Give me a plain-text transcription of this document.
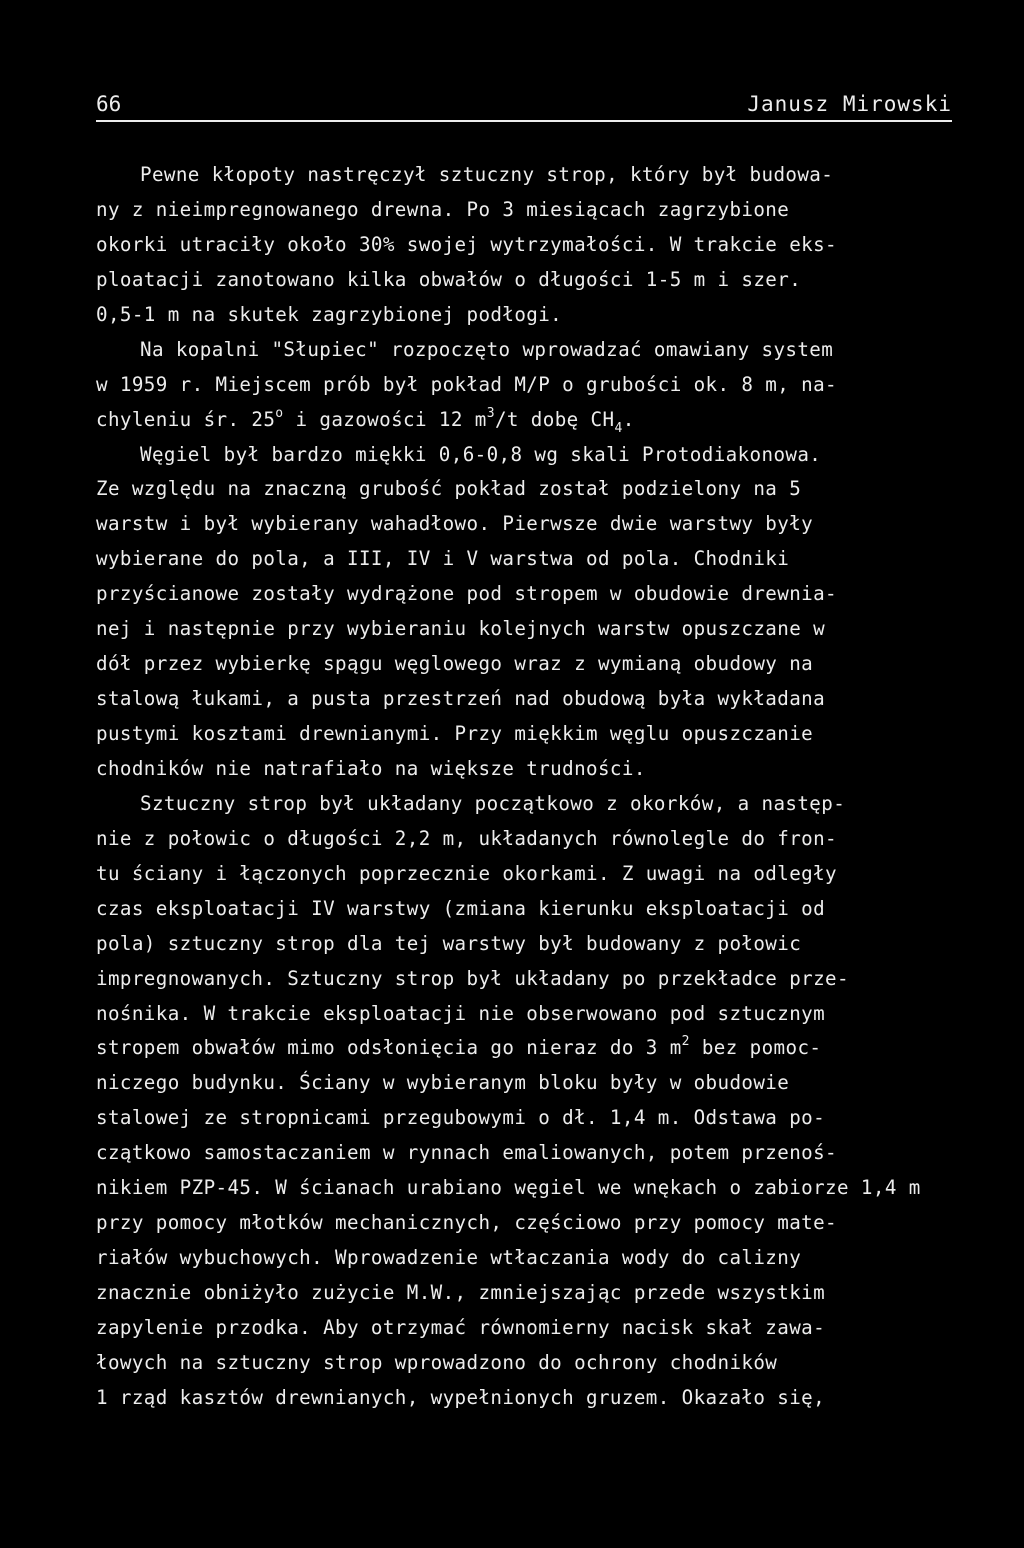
66	Janusz Mirowski
Pewne kłopoty nastręczył sztuczny strop, który był budowa-
ny z nieimpregnowanego drewna. Po 3 miesiącach zagrzybione
okorki utraciły około 30% swojej wytrzymałości. W trakcie eks-
ploatacji zanotowano kilka obwałów o długości 1-5 m i szer.
0,5-1 m na skutek zagrzybionej podłogi.
Na kopalni "Słupiec" rozpoczęto wprowadzać omawiany system
w 1959 r. Miejscem prób był pokład M/P o grubości ok. 8 m, na-
chyleniu śr. 25$^o$ i gazowości 12 $m^3/t$ dobę $CH_4$.
Węgiel był bardzo miękki 0,6-0,8 wg skali Protodiakonowa.
Ze względu na znaczną grubość pokład został podzielony na 5
warstw i był wybierany wahadłowo. Pierwsze dwie warstwy były
wybierane do pola, a III, IV i V warstwa od pola. Chodniki
przyścianowe zostały wydrążone pod stropem w obudowie drewnia-
nej i następnie przy wybieraniu kolejnych warstw opuszczane w
dół przez wybierkę spągu węglowego wraz z wymianą obudowy na
stalową łukami, a pusta przestrzeń nad obudową była wykładana
pustymi kosztami drewnianymi. Przy miękkim węglu opuszczanie
chodników nie natrafiało na większe trudności.
Sztuczny strop był układany początkowo z okorków, a następ-
nie z połowic o długości 2,2 m, układanych równolegle do fron-
tu ściany i łączonych poprzecznie okorkami. Z uwagi na odległy
czas eksploatacji IV warstwy (zmiana kierunku eksploatacji od
pola) sztuczny strop dla tej warstwy był budowany z połowic
impregnowanych. Sztuczny strop był układany po przekładce prze-
nośnika. W trakcie eksploatacji nie obserwowano pod sztucznym
stropem obwałów mimo odsłonięcia go nieraz do 3 $m^2$ bez pomoc-
niczego budynku. Ściany w wybieranym bloku były w obudowie
stalowej ze stropnicami przegubowymi o dł. 1,4 m. Odstawa po-
czątkowo samostaczaniem w rynnach emaliowanych, potem przenoś-
nikiem PZP-45. W ścianach urabiano węgiel we wnękach o zabiorze 1,4 m
przy pomocy młotków mechanicznych, częściowo przy pomocy mate-
riałów wybuchowych. Wprowadzenie wtłaczania wody do calizny
znacznie obniżyło zużycie M.W., zmniejszając przede wszystkim
zapylenie przodka. Aby otrzymać równomierny nacisk skał zawa-
łowych na sztuczny strop wprowadzono do ochrony chodników
1 rząd kasztów drewnianych, wypełnionych gruzem. Okazało się,
